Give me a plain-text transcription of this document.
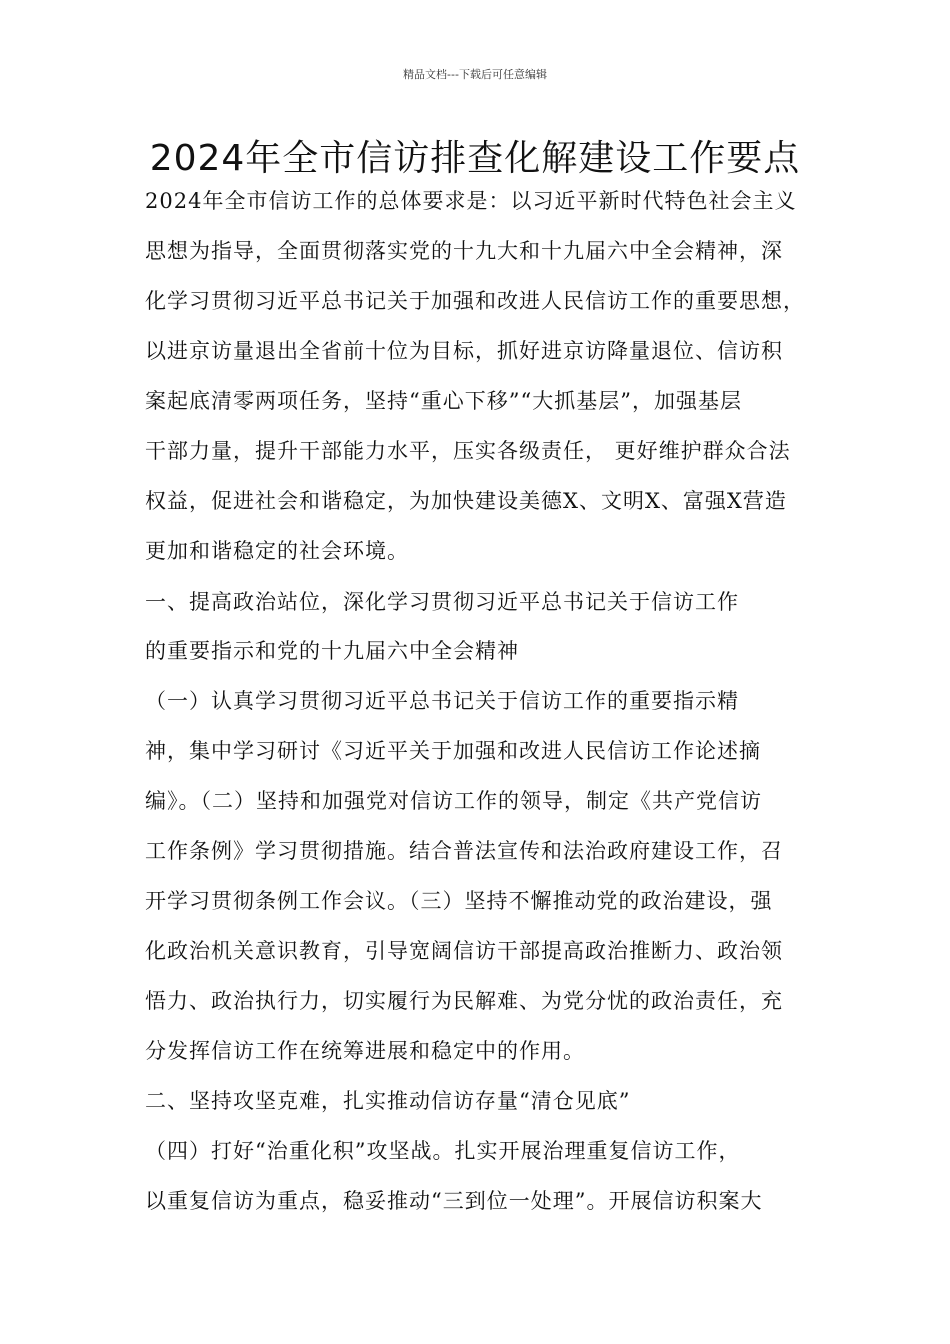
精品文档---下载后可任意编辑
2024年全市信访排查化解建设工作要点
2024年全市信访工作的总体要求是：以习近平新时代特色社会主义
思想为指导，全面贯彻落实党的十九大和十九届六中全会精神，深
化学习贯彻习近平总书记关于加强和改进人民信访工作的重要思想，
以进京访量退出全省前十位为目标，抓好进京访降量退位、信访积
案起底清零两项任务，坚持“重心下移”“大抓基层”，加强基层
干部力量，提升干部能力水平，压实各级责任， 更好维护群众合法
权益，促进社会和谐稳定，为加快建设美德X、文明X、富强X营造
更加和谐稳定的社会环境。
一、提高政治站位，深化学习贯彻习近平总书记关于信访工作
的重要指示和党的十九届六中全会精神
（一）认真学习贯彻习近平总书记关于信访工作的重要指示精
神，集中学习研讨《习近平关于加强和改进人民信访工作论述摘
编》。（二）坚持和加强党对信访工作的领导，制定《共产党信访
工作条例》学习贯彻措施。结合普法宣传和法治政府建设工作，召
开学习贯彻条例工作会议。（三）坚持不懈推动党的政治建设，强
化政治机关意识教育，引导宽阔信访干部提高政治推断力、政治领
悟力、政治执行力，切实履行为民解难、为党分忧的政治责任，充
分发挥信访工作在统筹进展和稳定中的作用。
二、坚持攻坚克难，扎实推动信访存量“清仓见底”
（四）打好“治重化积”攻坚战。扎实开展治理重复信访工作，
以重复信访为重点，稳妥推动“三到位一处理”。开展信访积案大
